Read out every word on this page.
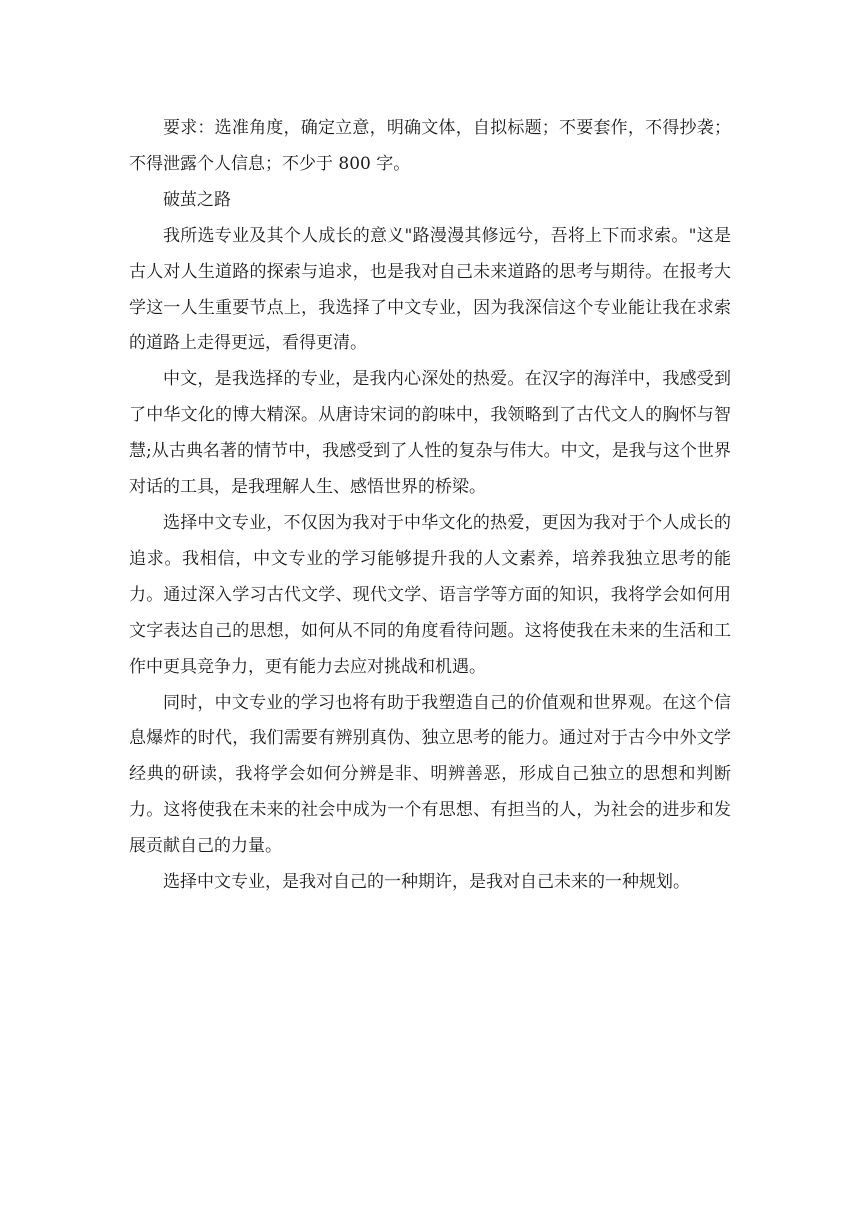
要求：选准角度，确定立意，明确文体，自拟标题；不要套作，不得抄袭；不得泄露个人信息；不少于 800 字。

破茧之路

我所选专业及其个人成长的意义"路漫漫其修远兮，吾将上下而求索。"这是古人对人生道路的探索与追求，也是我对自己未来道路的思考与期待。在报考大学这一人生重要节点上，我选择了中文专业，因为我深信这个专业能让我在求索的道路上走得更远，看得更清。

中文，是我选择的专业，是我内心深处的热爱。在汉字的海洋中，我感受到了中华文化的博大精深。从唐诗宋词的韵味中，我领略到了古代文人的胸怀与智慧;从古典名著的情节中，我感受到了人性的复杂与伟大。中文，是我与这个世界对话的工具，是我理解人生、感悟世界的桥梁。

选择中文专业，不仅因为我对于中华文化的热爱，更因为我对于个人成长的追求。我相信，中文专业的学习能够提升我的人文素养，培养我独立思考的能力。通过深入学习古代文学、现代文学、语言学等方面的知识，我将学会如何用文字表达自己的思想，如何从不同的角度看待问题。这将使我在未来的生活和工作中更具竞争力，更有能力去应对挑战和机遇。

同时，中文专业的学习也将有助于我塑造自己的价值观和世界观。在这个信息爆炸的时代，我们需要有辨别真伪、独立思考的能力。通过对于古今中外文学经典的研读，我将学会如何分辨是非、明辨善恶，形成自己独立的思想和判断力。这将使我在未来的社会中成为一个有思想、有担当的人，为社会的进步和发展贡献自己的力量。

选择中文专业，是我对自己的一种期许，是我对自己未来的一种规划。
